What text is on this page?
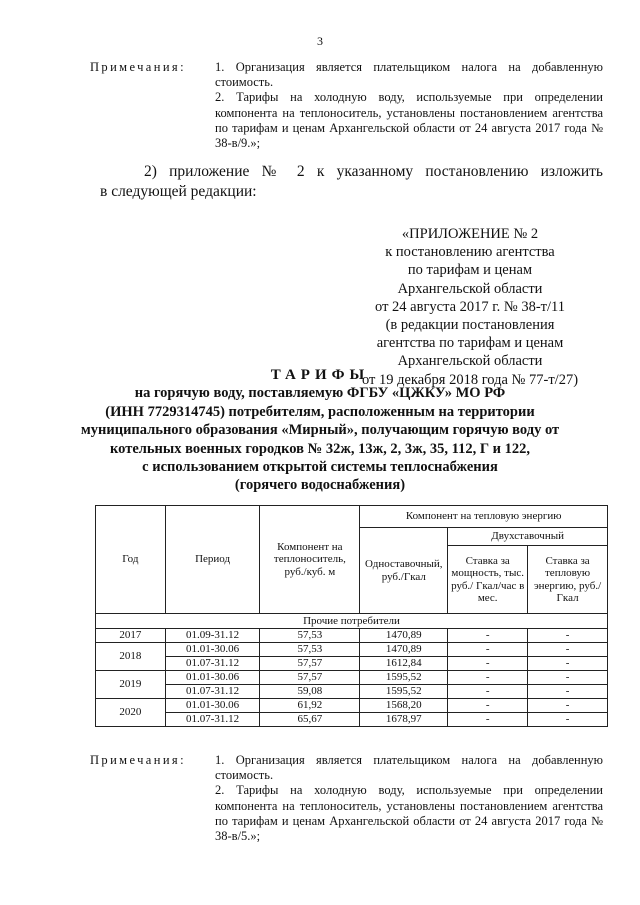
3
Примечания: 1. Организация является плательщиком налога на добавленную стоимость.

2. Тарифы на холодную воду, используемые при определении компонента на теплоноситель, установлены постановлением агентства по тарифам и ценам Архангельской области от 24 августа 2017 года № 38-в/9.»;

2) приложение № 2 к указанному постановлению изложить
в следующей редакции:
«ПРИЛОЖЕНИЕ № 2
к постановлению агентства
по тарифам и ценам
Архангельской области
от 24 августа 2017 г. № 38-т/11
(в редакции постановления
агентства по тарифам и ценам
Архангельской области
от 19 декабря 2018 года № 77-т/27)
ТАРИФЫ
на горячую воду, поставляемую ФГБУ «ЦЖКУ» МО РФ
(ИНН 7729314745) потребителям, расположенным на территории
муниципального образования «Мирный», получающим горячую воду от
котельных военных городков № 32ж, 13ж, 2, 3ж, 35, 112, Г и 122,
с использованием открытой системы теплоснабжения
(горячего водоснабжения)
Год	Период	Компонент на теплоноситель, руб./куб. м	Компонент на тепловую энергию		
			Одноставочный, руб./Гкал	Двухставочный	
				Ставка за мощность, тыс. руб./ Гкал/час в мес.	Ставка за тепловую энергию, руб./Гкал
Прочие потребители					
2017	01.09-31.12	57,53	1470,89	-	-
2018	01.01-30.06	57,53	1470,89	-	-
	01.07-31.12	57,57	1612,84	-	-
2019	01.01-30.06	57,57	1595,52	-	-
	01.07-31.12	59,08	1595,52	-	-
2020	01.01-30.06	61,92	1568,20	-	-
	01.07-31.12	65,67	1678,97	-	-
Примечания: 1. Организация является плательщиком налога на добавленную стоимость.

2. Тарифы на холодную воду, используемые при определении компонента на теплоноситель, установлены постановлением агентства по тарифам и ценам Архангельской области от 24 августа 2017 года № 38-в/5.»;
